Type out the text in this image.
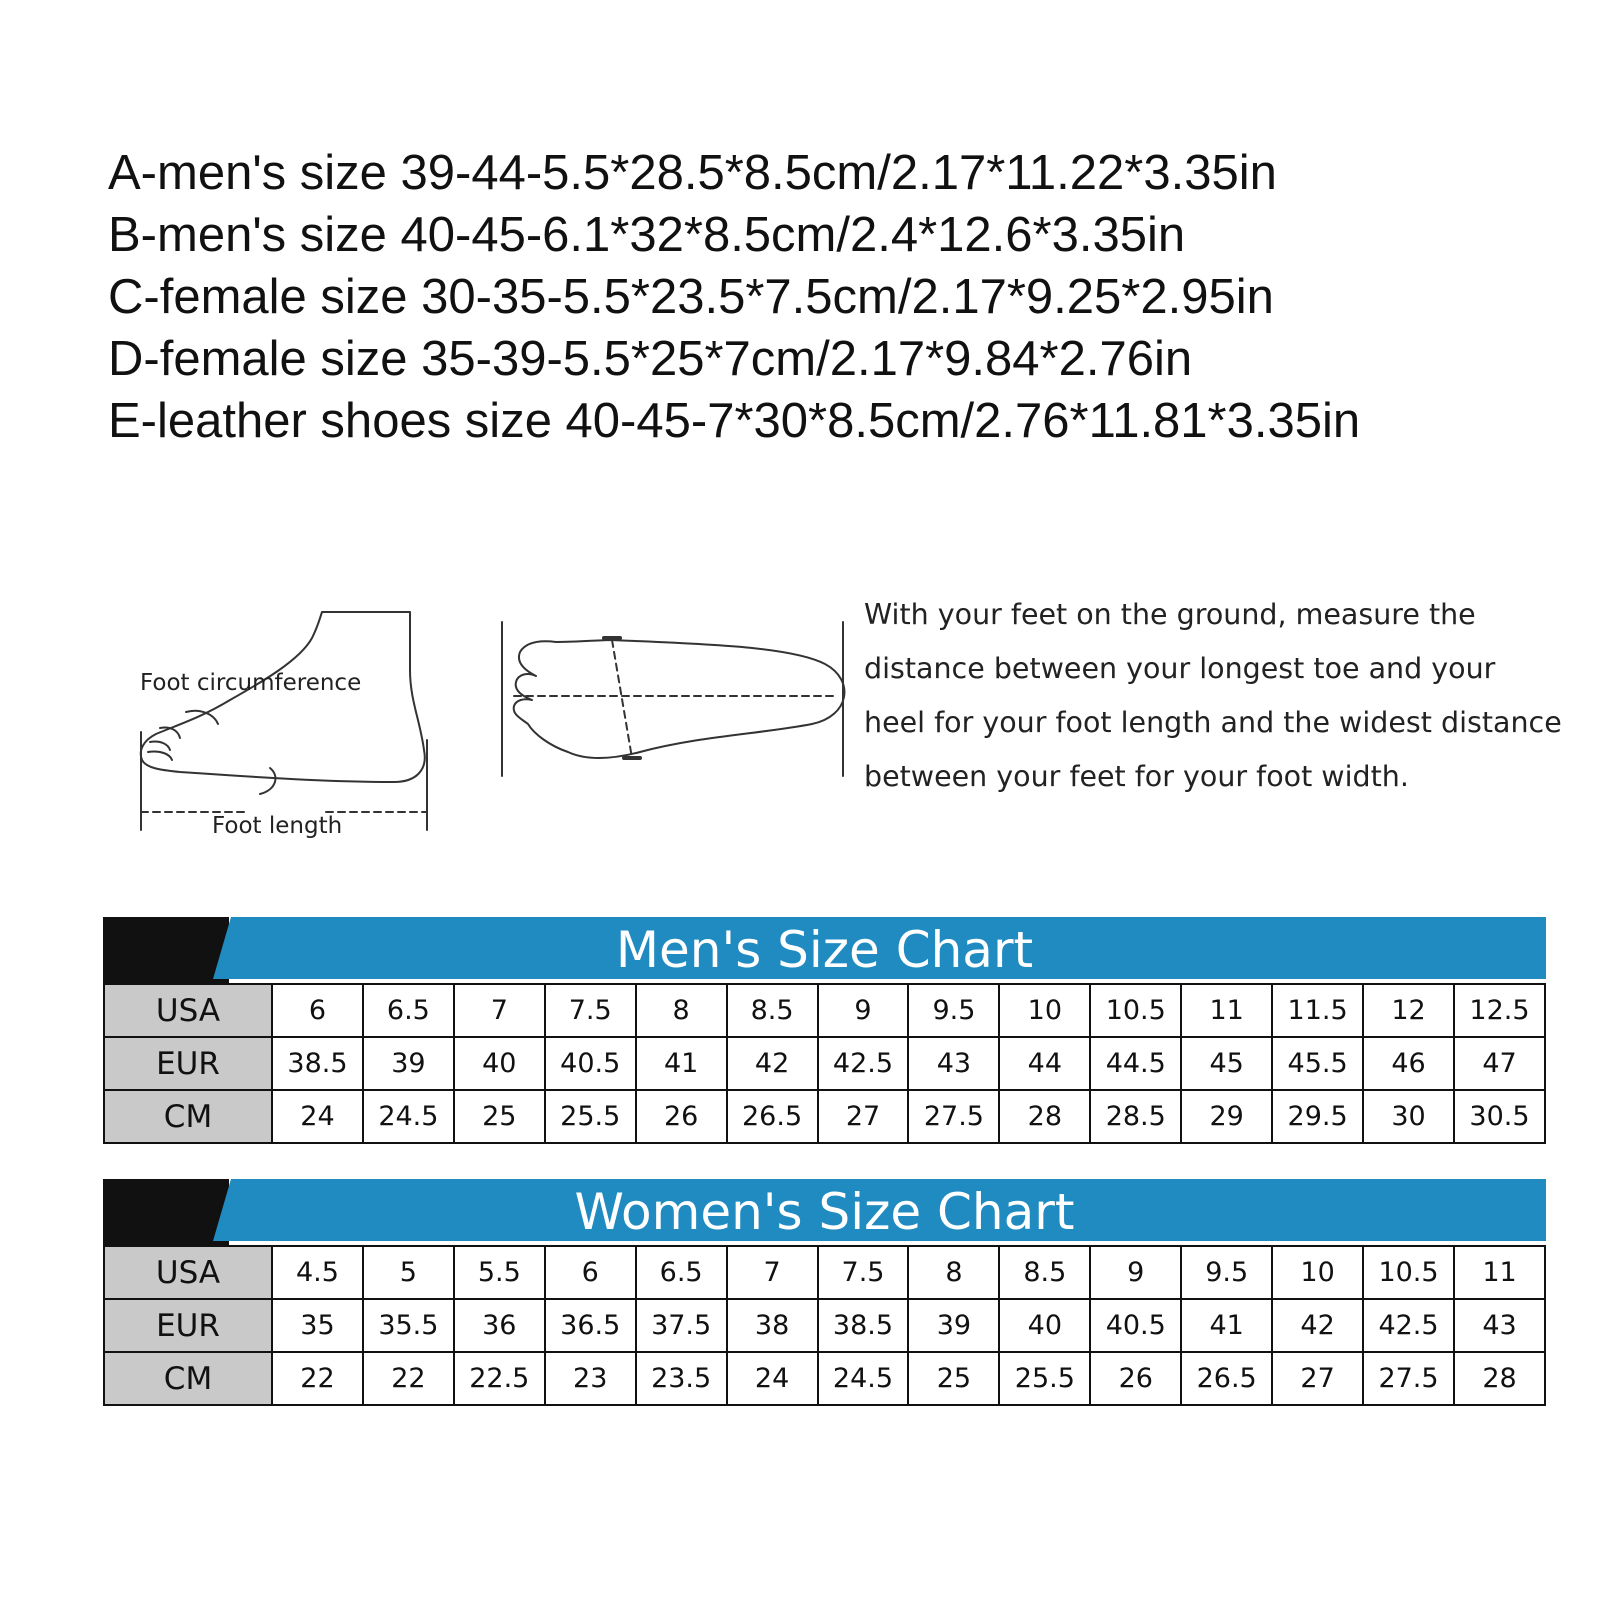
A-men's size 39-44-5.5*28.5*8.5cm/2.17*11.22*3.35in
B-men's size 40-45-6.1*32*8.5cm/2.4*12.6*3.35in
C-female size 30-35-5.5*23.5*7.5cm/2.17*9.25*2.95in
D-female size 35-39-5.5*25*7cm/2.17*9.84*2.76in
E-leather shoes size 40-45-7*30*8.5cm/2.76*11.81*3.35in
Foot circumference
Foot length

With your feet on the ground, measure the distance between your longest toe and your heel for your foot length and the widest distance between your feet for your foot width.

Men's Size Chart
USA	6	6.5	7	7.5	8	8.5	9	9.5	10	10.5	11	11.5	12	12.5
EUR	38.5	39	40	40.5	41	42	42.5	43	44	44.5	45	45.5	46	47
CM	24	24.5	25	25.5	26	26.5	27	27.5	28	28.5	29	29.5	30	30.5
Women's Size Chart
USA	4.5	5	5.5	6	6.5	7	7.5	8	8.5	9	9.5	10	10.5	11
EUR	35	35.5	36	36.5	37.5	38	38.5	39	40	40.5	41	42	42.5	43
CM	22	22	22.5	23	23.5	24	24.5	25	25.5	26	26.5	27	27.5	28
